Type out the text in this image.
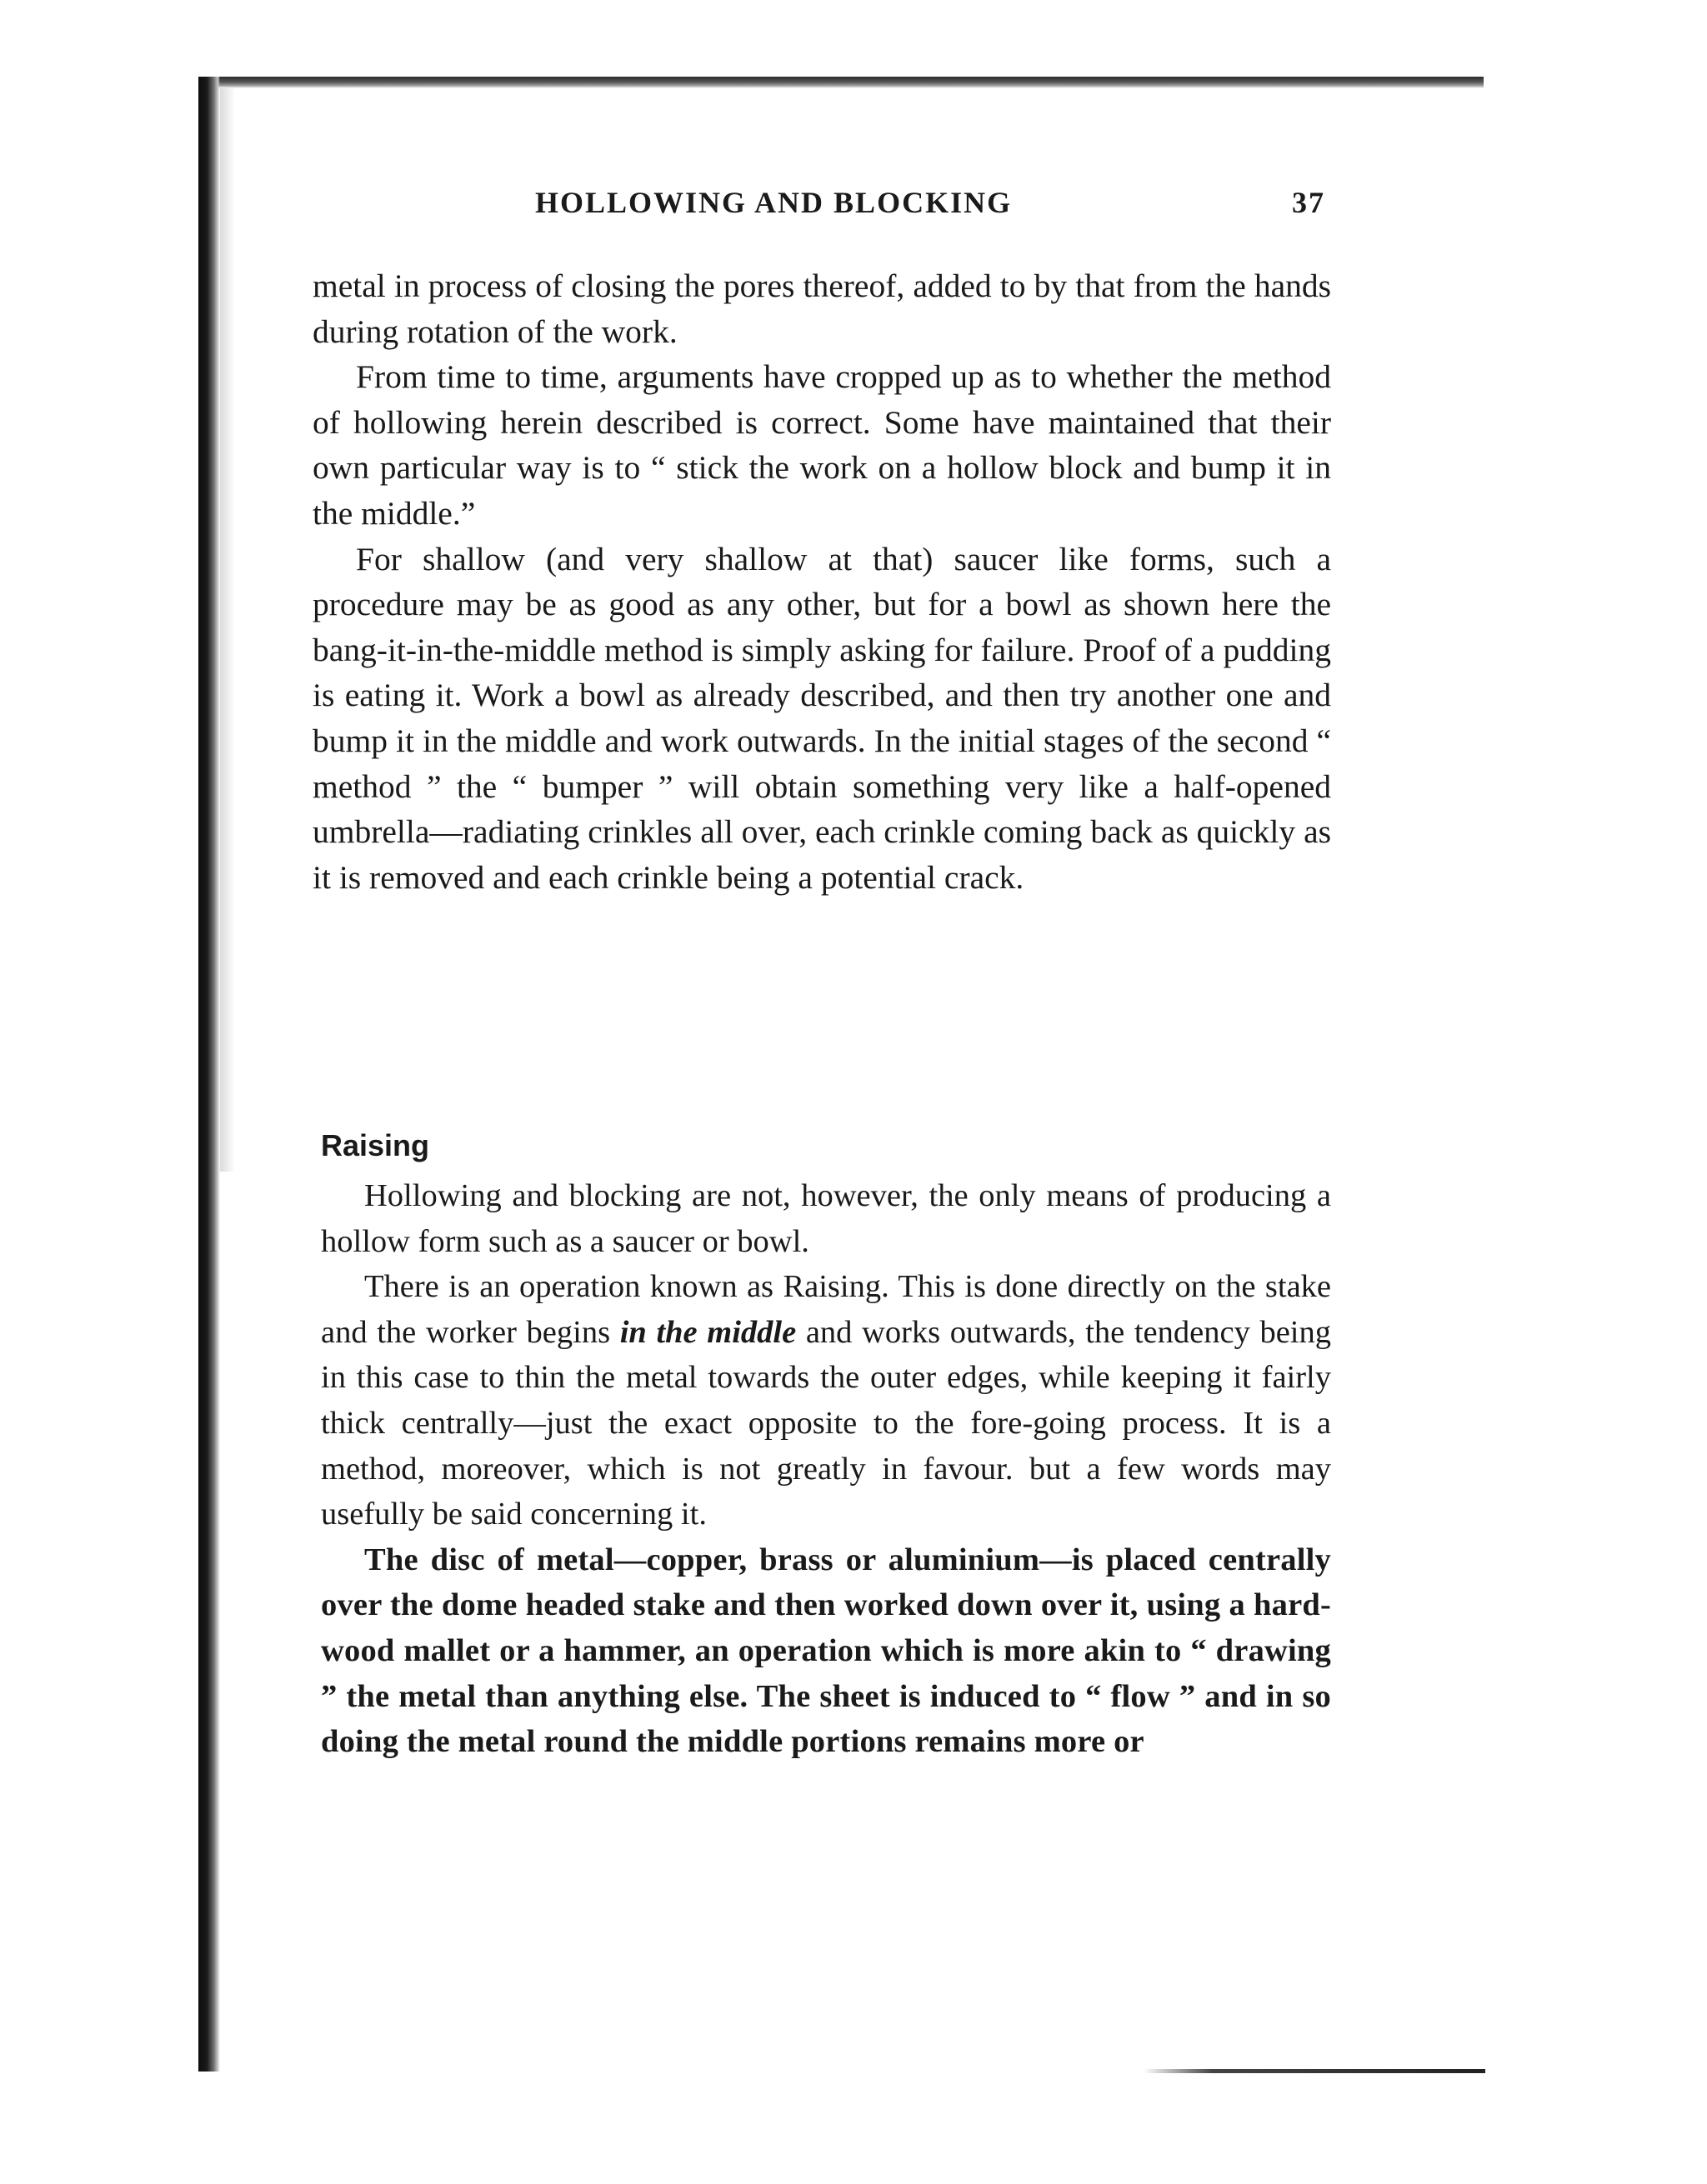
HOLLOWING AND BLOCKING	37

metal in process of closing the pores thereof, added to by that from the hands during rotation of the work.

From time to time, arguments have cropped up as to whether the method of hollowing herein described is correct. Some have maintained that their own particular way is to “ stick the work on a hollow block and bump it in the middle.”

For shallow (and very shallow at that) saucer like forms, such a procedure may be as good as any other, but for a bowl as shown here the bang-it-in-the-middle method is simply asking for failure. Proof of a pudding is eating it. Work a bowl as already described, and then try another one and bump it in the middle and work outwards. In the initial stages of the second “ method ” the “ bumper ” will obtain something very like a half-opened umbrella—radiating crinkles all over, each crinkle coming back as quickly as it is removed and each crinkle being a potential crack.

Raising

Hollowing and blocking are not, however, the only means of producing a hollow form such as a saucer or bowl.

There is an operation known as Raising. This is done directly on the stake and the worker begins in the middle and works outwards, the tendency being in this case to thin the metal towards the outer edges, while keeping it fairly thick centrally—just the exact opposite to the fore-going process. It is a method, moreover, which is not greatly in favour. but a few words may usefully be said concerning it.

The disc of metal—copper, brass or aluminium—is placed centrally over the dome headed stake and then worked down over it, using a hard-wood mallet or a hammer, an operation which is more akin to “ drawing ” the metal than anything else. The sheet is induced to “ flow ” and in so doing the metal round the middle portions remains more or
